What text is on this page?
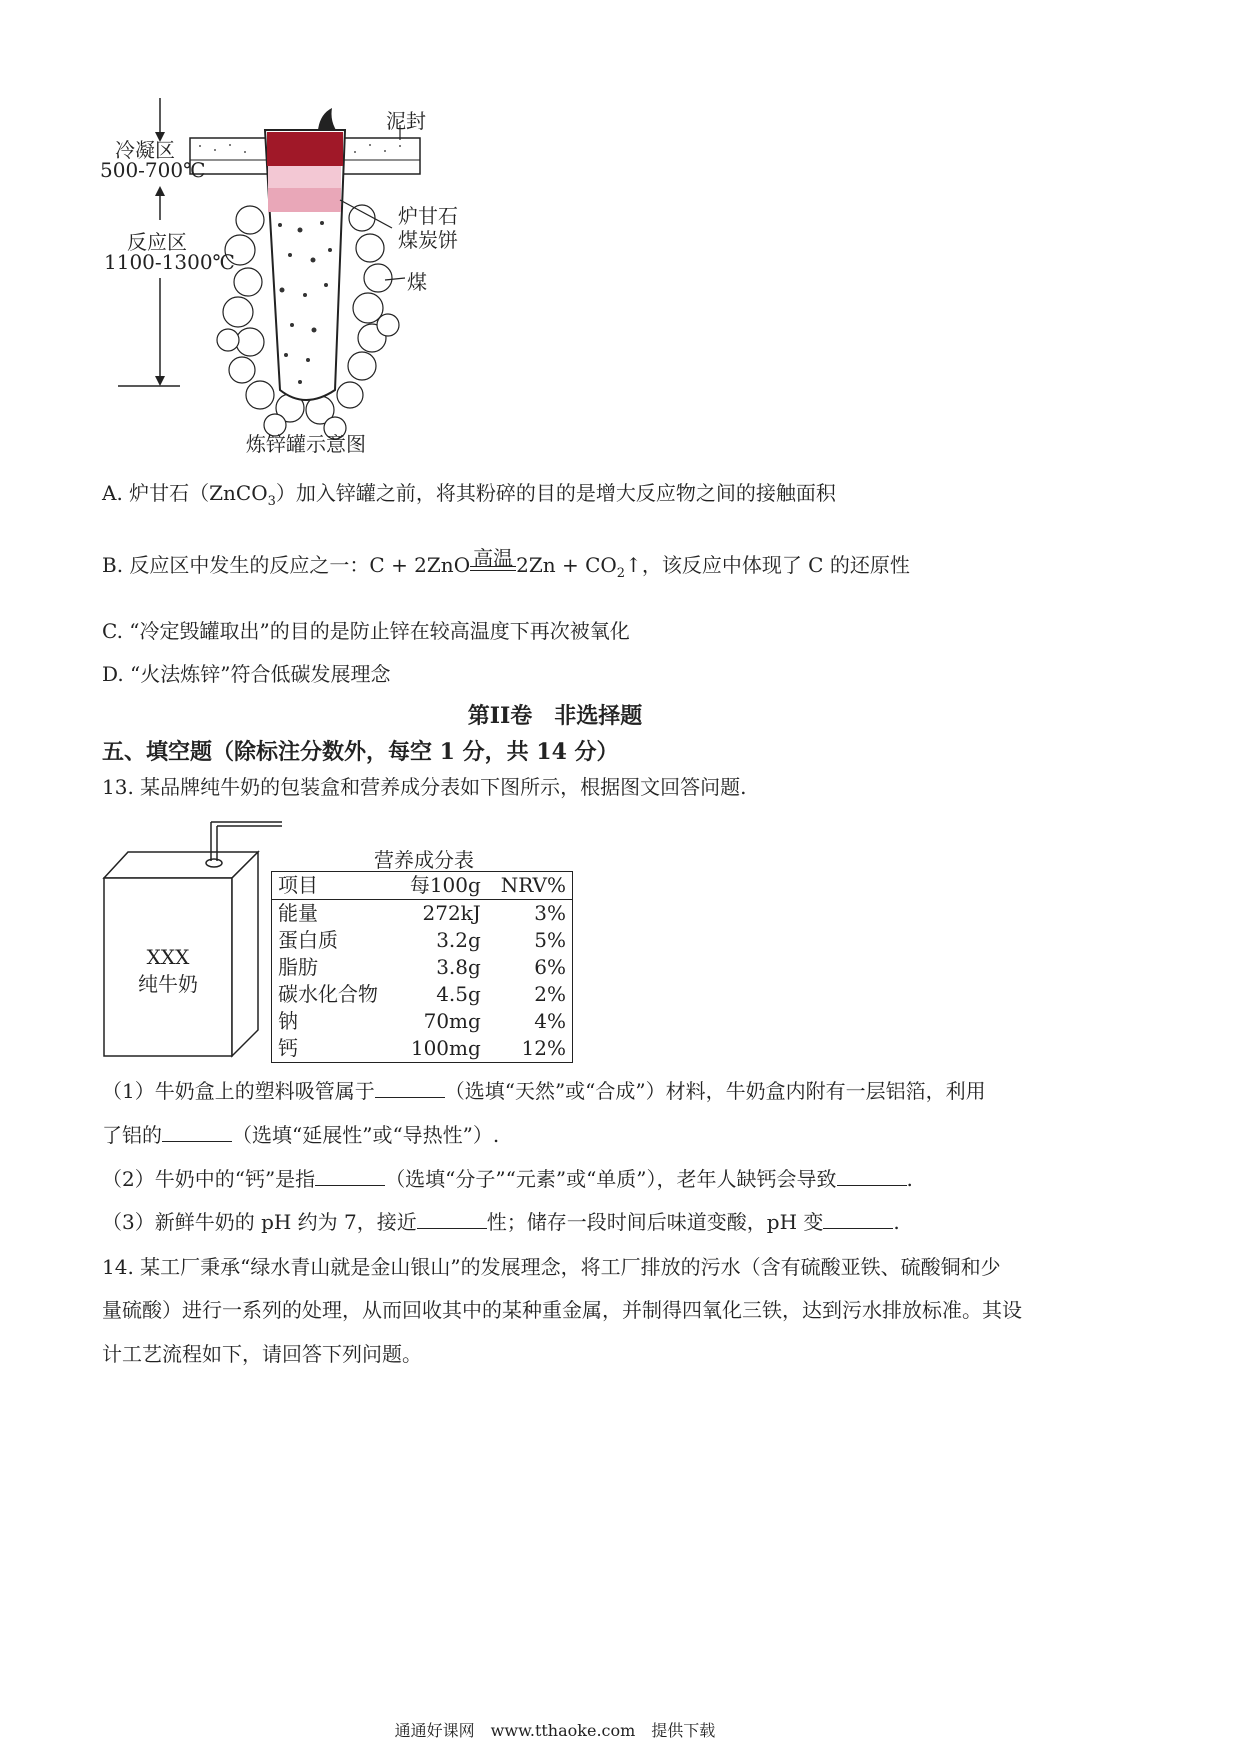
冷凝区
500-700℃
反应区
1100-1300℃
泥封
炉甘石
煤炭饼
煤
炼锌罐示意图
A. 炉甘石（ZnCO$_3$）加入锌罐之前，将其粉碎的目的是增大反应物之间的接触面积
B. 反应区中发生的反应之一：C + 2ZnO 高温 $2Zn + CO_2↑$，该反应中体现了 C 的还原性
C. “冷定毁罐取出”的目的是防止锌在较高温度下再次被氧化
D. “火法炼锌”符合低碳发展理念
第II卷　非选择题
五、填空题（除标注分数外，每空 1 分，共 14 分）
13. 某品牌纯牛奶的包装盒和营养成分表如下图所示，根据图文回答问题.
XXX
纯牛奶
营养成分表
项目	每100g	NRV%

能量	272kJ	3%
蛋白质	3.2g	5%
脂肪	3.8g	6%
碳水化合物	4.5g	2%
钠	70mg	4%
钙	100mg	12%
（1）牛奶盒上的塑料吸管属于	（选填“天然”或“合成”）材料，牛奶盒内附有一层铝箔，利用
了铝的	（选填“延展性”或“导热性”）.
（2）牛奶中的“钙”是指	（选填“分子”“元素”或“单质”），老年人缺钙会导致	.
（3）新鲜牛奶的 pH 约为 7，接近	性；储存一段时间后味道变酸，pH 变	.
14. 某工厂秉承“绿水青山就是金山银山”的发展理念，将工厂排放的污水（含有硫酸亚铁、硫酸铜和少
量硫酸）进行一系列的处理，从而回收其中的某种重金属，并制得四氧化三铁，达到污水排放标准。其设
计工艺流程如下，请回答下列问题。
通通好课网　www.tthaoke.com　提供下载
